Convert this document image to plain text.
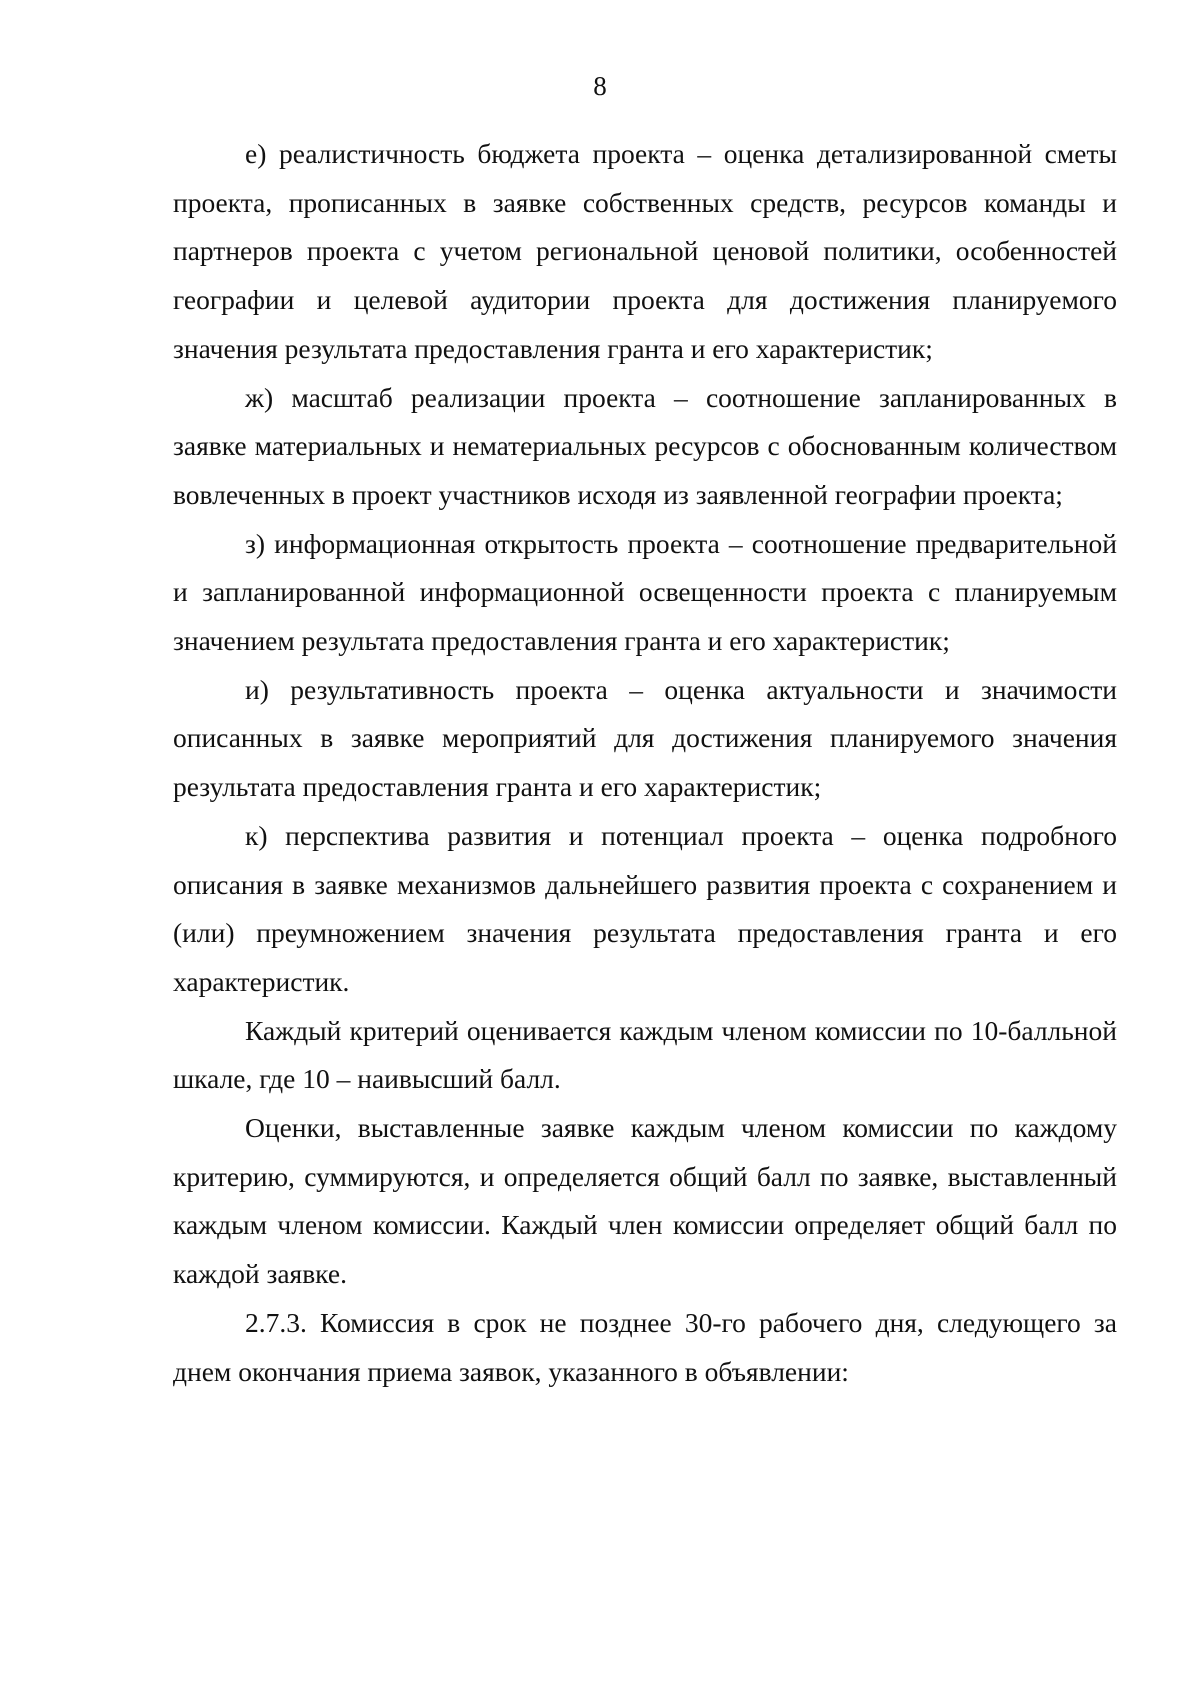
8

е) реалистичность бюджета проекта – оценка детализированной сметы проекта, прописанных в заявке собственных средств, ресурсов команды и партнеров проекта с учетом региональной ценовой политики, особенностей географии и целевой аудитории проекта для достижения планируемого значения результата предоставления гранта и его характеристик;

ж) масштаб реализации проекта – соотношение запланированных в заявке материальных и нематериальных ресурсов с обоснованным количеством вовлеченных в проект участников исходя из заявленной географии проекта;

з) информационная открытость проекта – соотношение предварительной и запланированной информационной освещенности проекта с планируемым значением результата предоставления гранта и его характеристик;

и) результативность проекта – оценка актуальности и значимости описанных в заявке мероприятий для достижения планируемого значения результата предоставления гранта и его характеристик;

к) перспектива развития и потенциал проекта – оценка подробного описания в заявке механизмов дальнейшего развития проекта с сохранением и (или) преумножением значения результата предоставления гранта и его характеристик.

Каждый критерий оценивается каждым членом комиссии по 10-балльной шкале, где 10 – наивысший балл.

Оценки, выставленные заявке каждым членом комиссии по каждому критерию, суммируются, и определяется общий балл по заявке, выставленный каждым членом комиссии. Каждый член комиссии определяет общий балл по каждой заявке.

2.7.3. Комиссия в срок не позднее 30-го рабочего дня, следующего за днем окончания приема заявок, указанного в объявлении:
